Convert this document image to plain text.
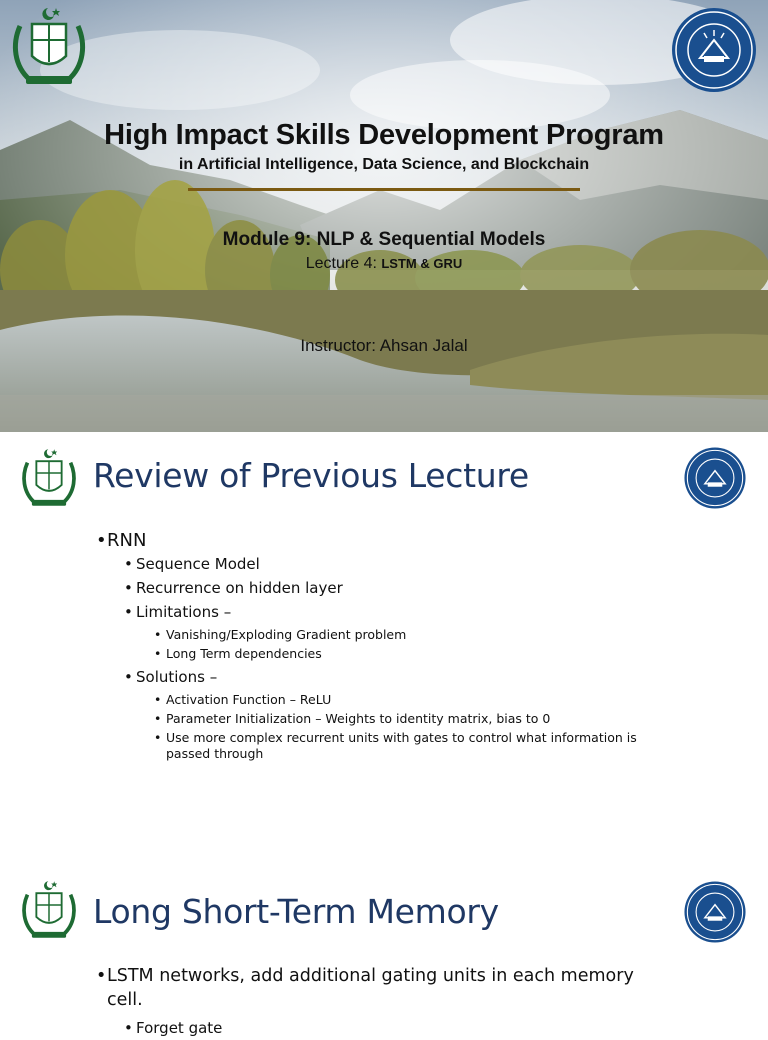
High Impact Skills Development Program
in Artificial Intelligence, Data Science, and Blockchain
Module 9: NLP & Sequential Models
Lecture 4: LSTM & GRU
Instructor: Ahsan Jalal
Review of Previous Lecture
• RNN
• Sequence Model
• Recurrence on hidden layer
• Limitations –
• Vanishing/Exploding Gradient problem
• Long Term dependencies
• Solutions –
• Activation Function – ReLU
• Parameter Initialization – Weights to identity matrix, bias to 0
• Use more complex recurrent units with gates to control what information is passed through
Long Short-Term Memory
• LSTM networks, add additional gating units in each memory cell.
• Forget gate
